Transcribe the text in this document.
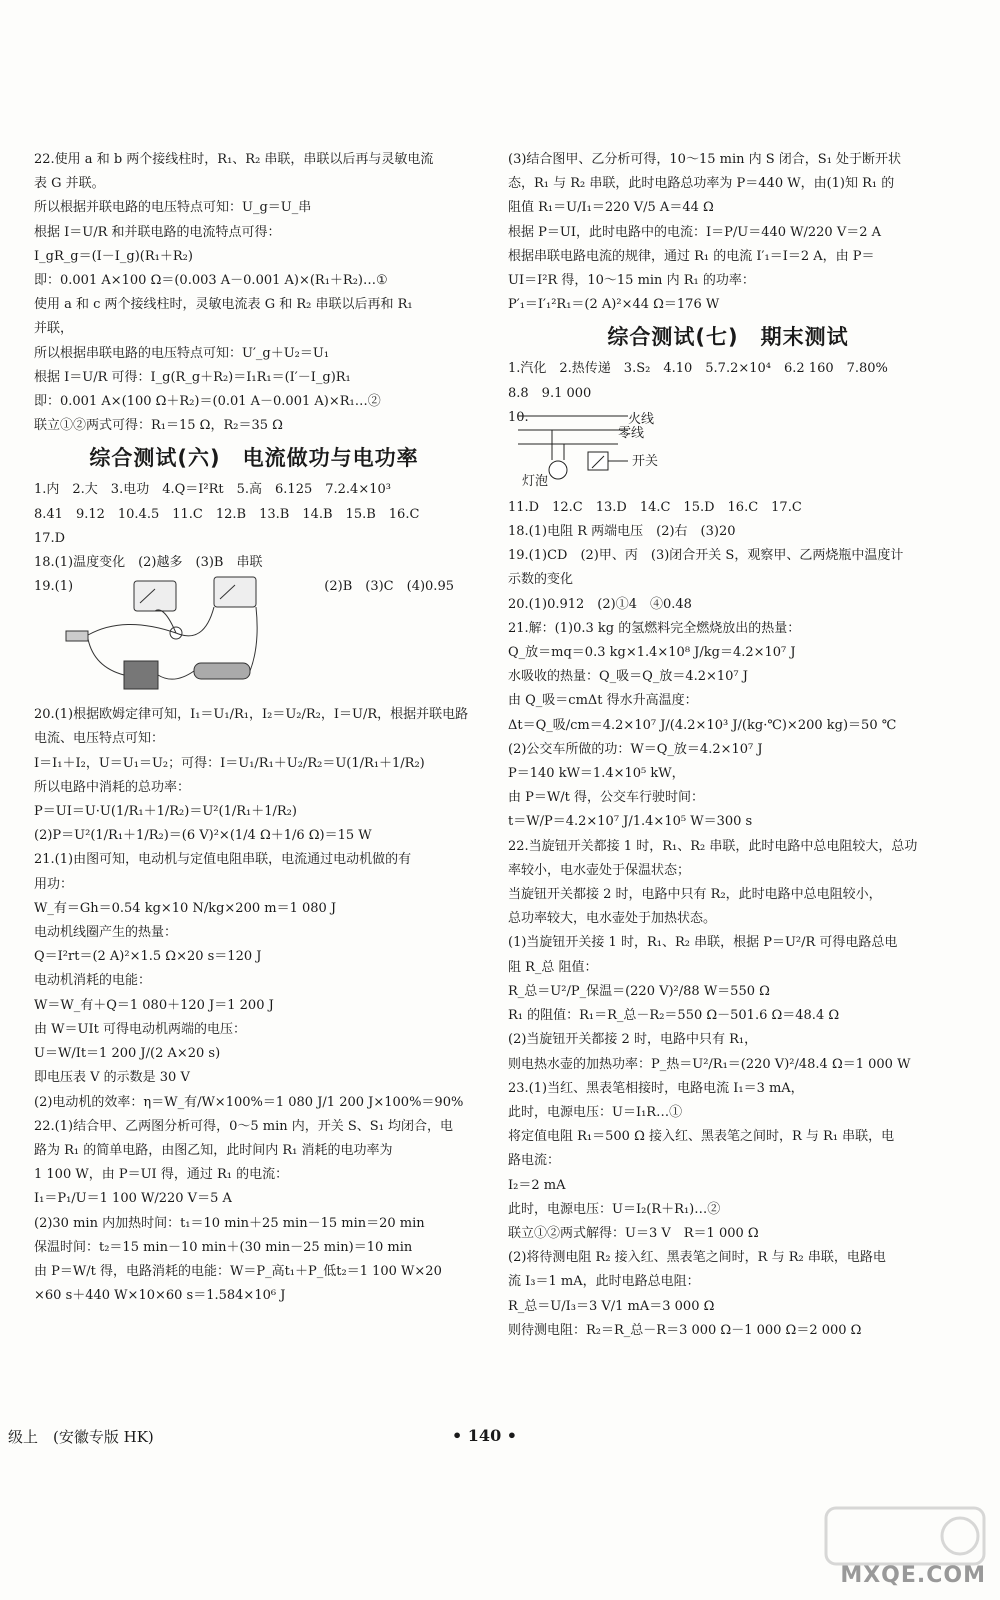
22.使用 a 和 b 两个接线柱时，R₁、R₂ 串联，串联以后再与灵敏电流
表 G 并联。
所以根据并联电路的电压特点可知：U_g＝U_串
根据 I＝U/R 和并联电路的电流特点可得：
I_gR_g＝(I－I_g)(R₁＋R₂)
即：0.001 A×100 Ω＝(0.003 A－0.001 A)×(R₁＋R₂)…①
使用 a 和 c 两个接线柱时，灵敏电流表 G 和 R₂ 串联以后再和 R₁
并联，
所以根据串联电路的电压特点可知：U′_g＋U₂＝U₁
根据 I＝U/R 可得：I_g(R_g＋R₂)＝I₁R₁＝(I′－I_g)R₁
即：0.001 A×(100 Ω＋R₂)＝(0.01 A－0.001 A)×R₁…②
联立①②两式可得：R₁＝15 Ω，R₂＝35 Ω
综合测试(六)　电流做功与电功率
1.内　2.大　3.电功　4.Q＝I²Rt　5.高　6.125　7.2.4×10³
8.41　9.12　10.4.5　11.C　12.B　13.B　14.B　15.B　16.C
17.D
18.(1)温度变化　(2)越多　(3)B　串联
19.(1)	(2)B　(3)C　(4)0.95
20.(1)根据欧姆定律可知，I₁＝U₁/R₁，I₂＝U₂/R₂，I＝U/R，根据并联电路
电流、电压特点可知：
I＝I₁＋I₂，U＝U₁＝U₂；可得：I＝U₁/R₁＋U₂/R₂＝U(1/R₁＋1/R₂)
所以电路中消耗的总功率：
P＝UI＝U·U(1/R₁＋1/R₂)＝U²(1/R₁＋1/R₂)
(2)P＝U²(1/R₁＋1/R₂)＝(6 V)²×(1/4 Ω＋1/6 Ω)＝15 W
21.(1)由图可知，电动机与定值电阻串联，电流通过电动机做的有
用功：
W_有＝Gh＝0.54 kg×10 N/kg×200 m＝1 080 J
电动机线圈产生的热量：
Q＝I²rt＝(2 A)²×1.5 Ω×20 s＝120 J
电动机消耗的电能：
W＝W_有＋Q＝1 080＋120 J＝1 200 J
由 W＝UIt 可得电动机两端的电压：
U＝W/It＝1 200 J/(2 A×20 s)
即电压表 V 的示数是 30 V
(2)电动机的效率：η＝W_有/W×100%＝1 080 J/1 200 J×100%＝90%
22.(1)结合甲、乙两图分析可得，0～5 min 内，开关 S、S₁ 均闭合，电
路为 R₁ 的简单电路，由图乙知，此时间内 R₁ 消耗的电功率为
1 100 W，由 P＝UI 得，通过 R₁ 的电流：
I₁＝P₁/U＝1 100 W/220 V＝5 A
(2)30 min 内加热时间：t₁＝10 min＋25 min－15 min＝20 min
保温时间：t₂＝15 min－10 min＋(30 min－25 min)＝10 min
由 P＝W/t 得，电路消耗的电能：W＝P_高t₁＋P_低t₂＝1 100 W×20
×60 s＋440 W×10×60 s＝1.584×10⁶ J
(3)结合图甲、乙分析可得，10～15 min 内 S 闭合，S₁ 处于断开状
态，R₁ 与 R₂ 串联，此时电路总功率为 P＝440 W，由(1)知 R₁ 的
阻值 R₁＝U/I₁＝220 V/5 A＝44 Ω
根据 P＝UI，此时电路中的电流：I＝P/U＝440 W/220 V＝2 A
根据串联电路电流的规律，通过 R₁ 的电流 I′₁＝I＝2 A，由 P＝
UI＝I²R 得，10～15 min 内 R₁ 的功率：
P′₁＝I′₁²R₁＝(2 A)²×44 Ω＝176 W
综合测试(七)　期末测试
1.汽化　2.热传递　3.S₂　4.10　5.7.2×10⁴　6.2 160　7.80%
8.8　9.1 000
10.	火线
零线
开关
灯泡
11.D　12.C　13.D　14.C　15.D　16.C　17.C
18.(1)电阻 R 两端电压　(2)右　(3)20
19.(1)CD　(2)甲、丙　(3)闭合开关 S，观察甲、乙两烧瓶中温度计
示数的变化
20.(1)0.912　(2)①4　④0.48
21.解：(1)0.3 kg 的氢燃料完全燃烧放出的热量：
Q_放＝mq＝0.3 kg×1.4×10⁸ J/kg＝4.2×10⁷ J
水吸收的热量：Q_吸＝Q_放＝4.2×10⁷ J
由 Q_吸＝cmΔt 得水升高温度：
Δt＝Q_吸/cm＝4.2×10⁷ J/(4.2×10³ J/(kg·℃)×200 kg)＝50 ℃
(2)公交车所做的功：W＝Q_放＝4.2×10⁷ J
P＝140 kW＝1.4×10⁵ kW，
由 P＝W/t 得，公交车行驶时间：
t＝W/P＝4.2×10⁷ J/1.4×10⁵ W＝300 s
22.当旋钮开关都接 1 时，R₁、R₂ 串联，此时电路中总电阻较大，总功
率较小，电水壶处于保温状态；
当旋钮开关都接 2 时，电路中只有 R₂，此时电路中总电阻较小，
总功率较大，电水壶处于加热状态。
(1)当旋钮开关接 1 时，R₁、R₂ 串联，根据 P＝U²/R 可得电路总电
阻 R_总 阻值：
R_总＝U²/P_保温＝(220 V)²/88 W＝550 Ω
R₁ 的阻值：R₁＝R_总－R₂＝550 Ω－501.6 Ω＝48.4 Ω
(2)当旋钮开关都接 2 时，电路中只有 R₁，
则电热水壶的加热功率：P_热＝U²/R₁＝(220 V)²/48.4 Ω＝1 000 W
23.(1)当红、黑表笔相接时，电路电流 I₁＝3 mA，
此时，电源电压：U＝I₁R…①
将定值电阻 R₁＝500 Ω 接入红、黑表笔之间时，R 与 R₁ 串联，电
路电流：
I₂＝2 mA
此时，电源电压：U＝I₂(R＋R₁)…②
联立①②两式解得：U＝3 V　R＝1 000 Ω
(2)将待测电阻 R₂ 接入红、黑表笔之间时，R 与 R₂ 串联，电路电
流 I₃＝1 mA，此时电路总电阻：
R_总＝U/I₃＝3 V/1 mA＝3 000 Ω
则待测电阻：R₂＝R_总－R＝3 000 Ω－1 000 Ω＝2 000 Ω
级上　(安徽专版 HK)	• 140 •
MXQE.COM
